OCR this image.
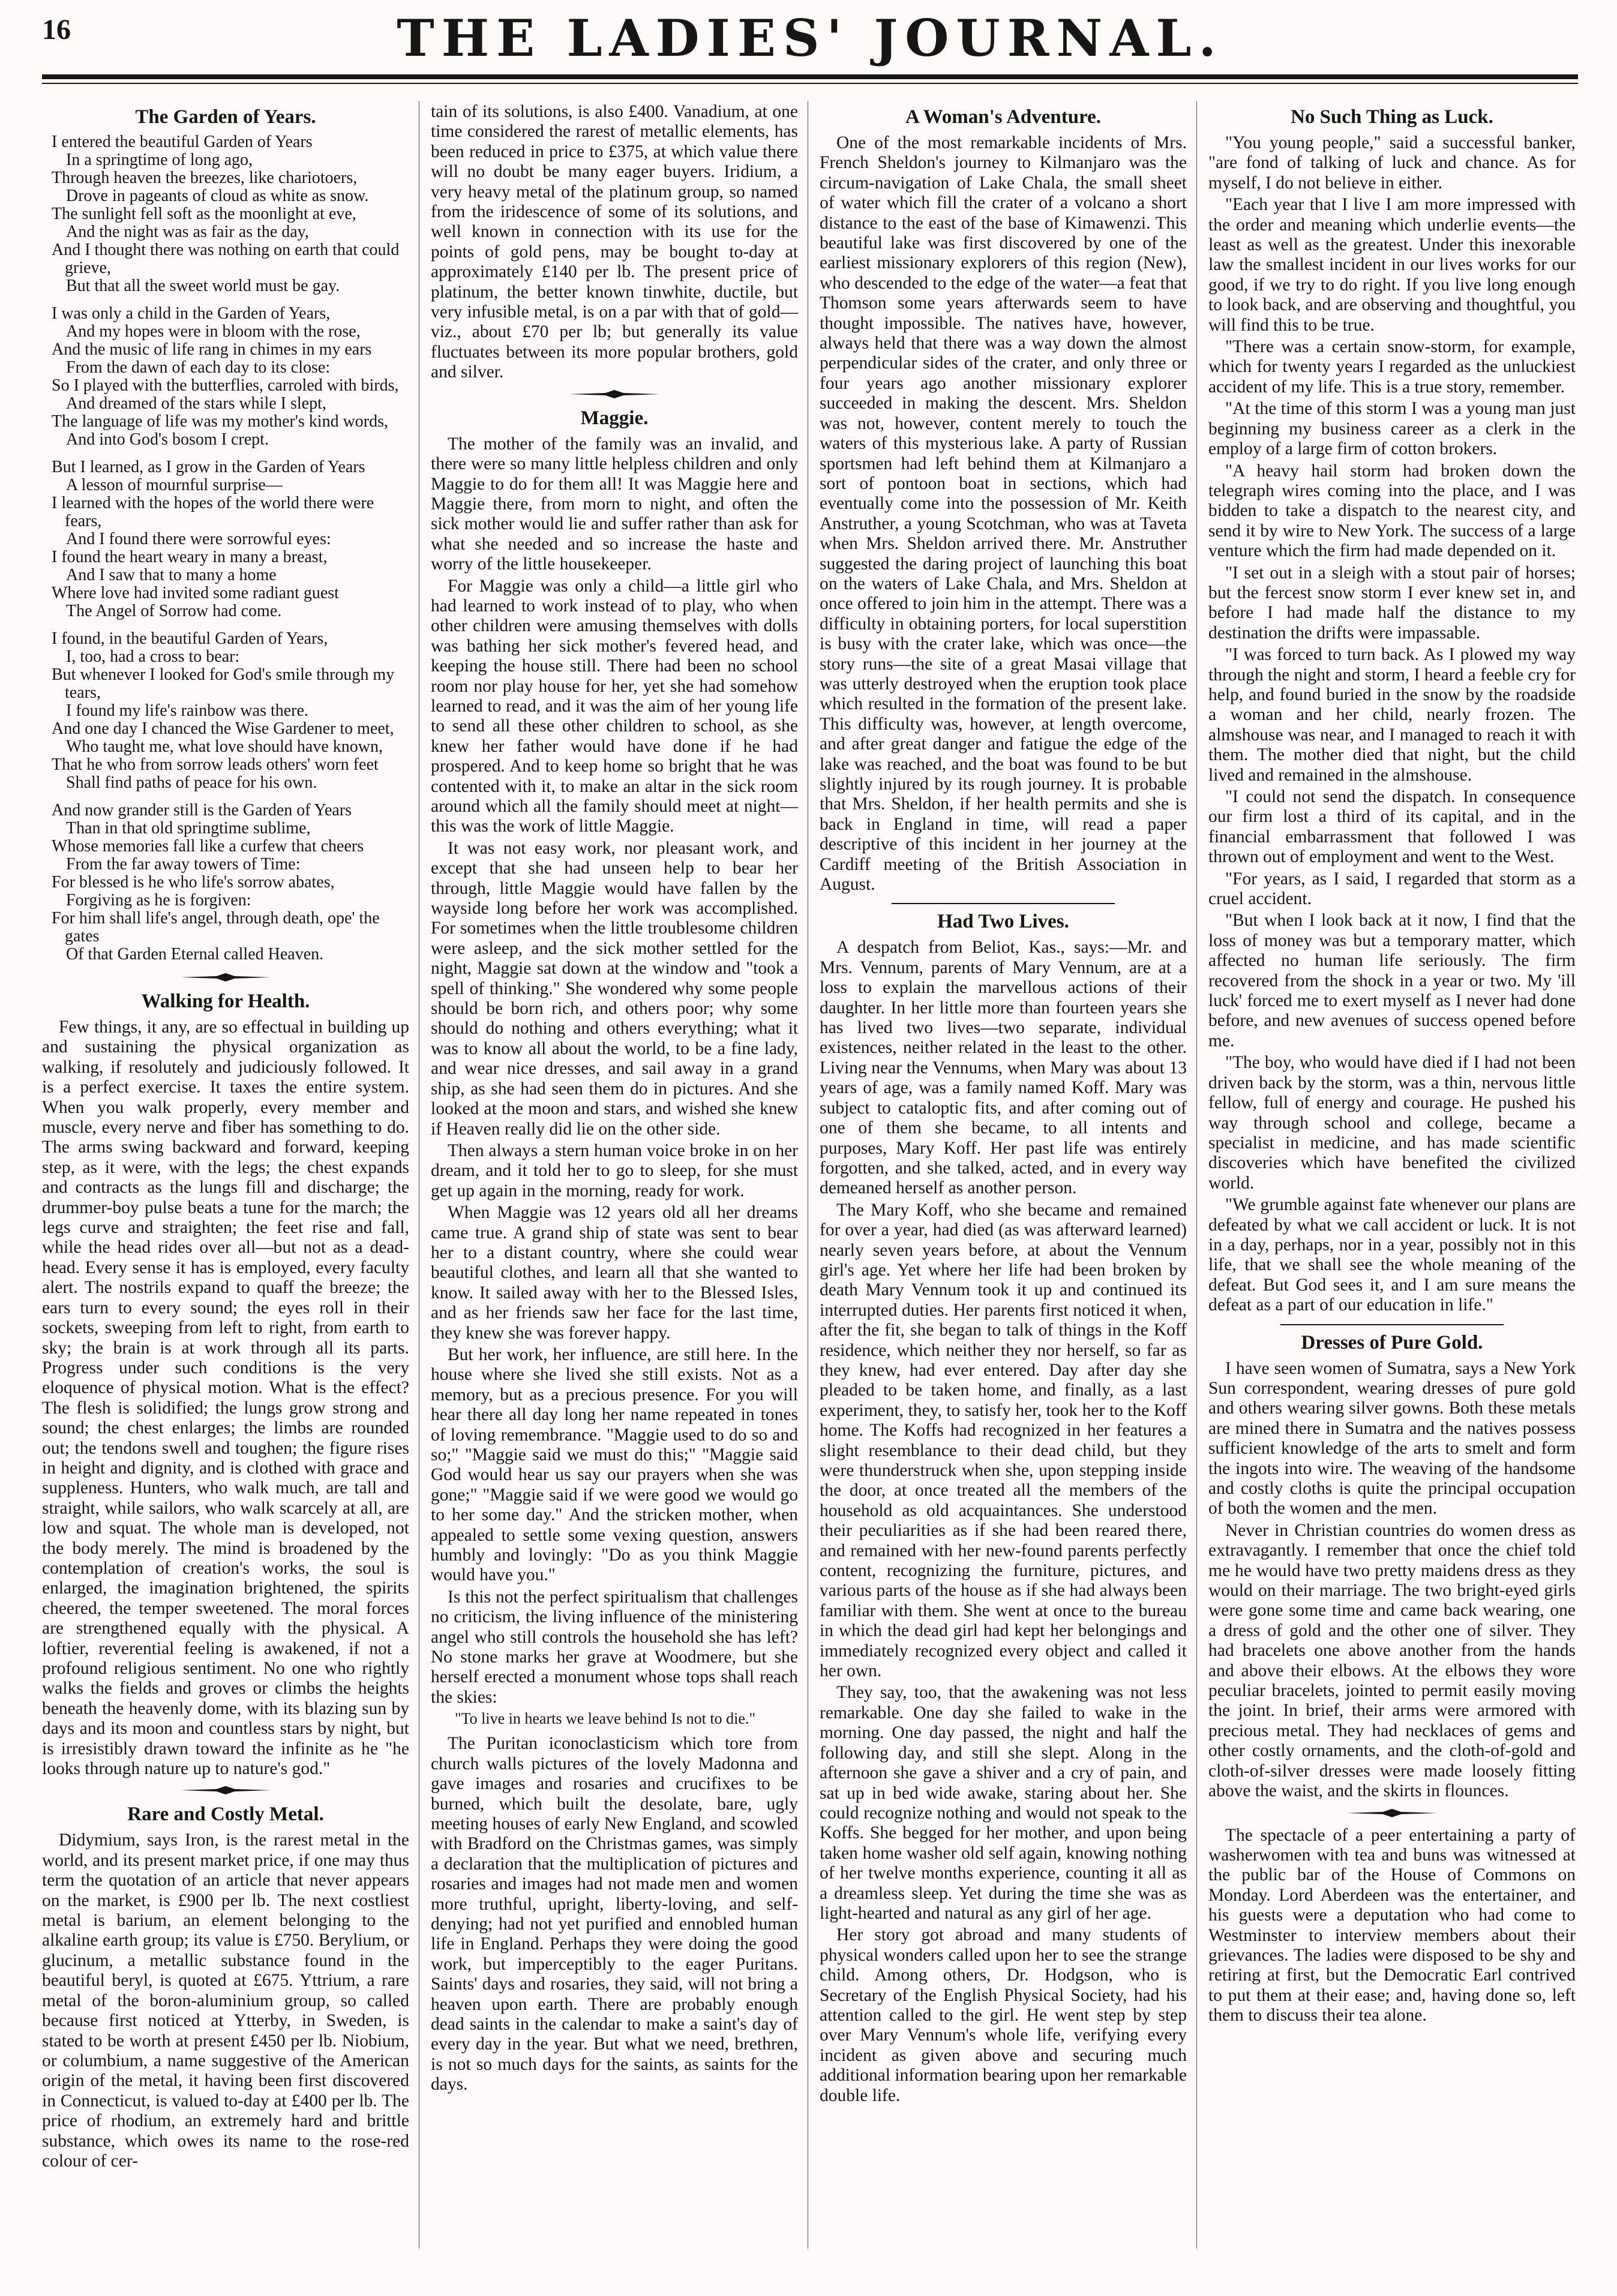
16	THE LADIES' JOURNAL.
The Garden of Years.
I entered the beautiful Garden of Years
In a springtime of long ago,
Through heaven the breezes, like chariotoers,
Drove in pageants of cloud as white as snow.
The sunlight fell soft as the moonlight at eve,
And the night was as fair as the day,
And I thought there was nothing on earth that could grieve,
But that all the sweet world must be gay.
I was only a child in the Garden of Years,
And my hopes were in bloom with the rose,
And the music of life rang in chimes in my ears
From the dawn of each day to its close:
So I played with the butterflies, carroled with birds,
And dreamed of the stars while I slept,
The language of life was my mother's kind words,
And into God's bosom I crept.
But I learned, as I grow in the Garden of Years
A lesson of mournful surprise—
I learned with the hopes of the world there were fears,
And I found there were sorrowful eyes:
I found the heart weary in many a breast,
And I saw that to many a home
Where love had invited some radiant guest
The Angel of Sorrow had come.
I found, in the beautiful Garden of Years,
I, too, had a cross to bear:
But whenever I looked for God's smile through my tears,
I found my life's rainbow was there.
And one day I chanced the Wise Gardener to meet,
Who taught me, what love should have known,
That he who from sorrow leads others' worn feet
Shall find paths of peace for his own.
And now grander still is the Garden of Years
Than in that old springtime sublime,
Whose memories fall like a curfew that cheers
From the far away towers of Time:
For blessed is he who life's sorrow abates,
Forgiving as he is forgiven:
For him shall life's angel, through death, ope' the gates
Of that Garden Eternal called Heaven.
Walking for Health.

Few things, it any, are so effectual in building up and sustaining the physical organization as walking, if resolutely and judiciously followed. It is a perfect exercise. It taxes the entire system. When you walk properly, every member and muscle, every nerve and fiber has something to do. The arms swing backward and forward, keeping step, as it were, with the legs; the chest expands and contracts as the lungs fill and discharge; the drummer-boy pulse beats a tune for the march; the legs curve and straighten; the feet rise and fall, while the head rides over all—but not as a dead-head. Every sense it has is employed, every faculty alert. The nostrils expand to quaff the breeze; the ears turn to every sound; the eyes roll in their sockets, sweeping from left to right, from earth to sky; the brain is at work through all its parts. Progress under such conditions is the very eloquence of physical motion. What is the effect? The flesh is solidified; the lungs grow strong and sound; the chest enlarges; the limbs are rounded out; the tendons swell and toughen; the figure rises in height and dignity, and is clothed with grace and suppleness. Hunters, who walk much, are tall and straight, while sailors, who walk scarcely at all, are low and squat. The whole man is developed, not the body merely. The mind is broadened by the contemplation of creation's works, the soul is enlarged, the imagination brightened, the spirits cheered, the temper sweetened. The moral forces are strengthened equally with the physical. A loftier, reverential feeling is awakened, if not a profound religious sentiment. No one who rightly walks the fields and groves or climbs the heights beneath the heavenly dome, with its blazing sun by days and its moon and countless stars by night, but is irresistibly drawn toward the infinite as he "he looks through nature up to nature's god."

Rare and Costly Metal.

Didymium, says Iron, is the rarest metal in the world, and its present market price, if one may thus term the quotation of an article that never appears on the market, is £900 per lb. The next costliest metal is barium, an element belonging to the alkaline earth group; its value is £750. Berylium, or glucinum, a metallic substance found in the beautiful beryl, is quoted at £675. Yttrium, a rare metal of the boron-aluminium group, so called because first noticed at Ytterby, in Sweden, is stated to be worth at present £450 per lb. Niobium, or columbium, a name suggestive of the American origin of the metal, it having been first discovered in Connecticut, is valued to-day at £400 per lb. The price of rhodium, an extremely hard and brittle substance, which owes its name to the rose-red colour of cer-

tain of its solutions, is also £400. Vanadium, at one time considered the rarest of metallic elements, has been reduced in price to £375, at which value there will no doubt be many eager buyers. Iridium, a very heavy metal of the platinum group, so named from the iridescence of some of its solutions, and well known in connection with its use for the points of gold pens, may be bought to-day at approximately £140 per lb. The present price of platinum, the better known tinwhite, ductile, but very infusible metal, is on a par with that of gold—viz., about £70 per lb; but generally its value fluctuates between its more popular brothers, gold and silver.

Maggie.

The mother of the family was an invalid, and there were so many little helpless children and only Maggie to do for them all! It was Maggie here and Maggie there, from morn to night, and often the sick mother would lie and suffer rather than ask for what she needed and so increase the haste and worry of the little housekeeper.

For Maggie was only a child—a little girl who had learned to work instead of to play, who when other children were amusing themselves with dolls was bathing her sick mother's fevered head, and keeping the house still. There had been no school room nor play house for her, yet she had somehow learned to read, and it was the aim of her young life to send all these other children to school, as she knew her father would have done if he had prospered. And to keep home so bright that he was contented with it, to make an altar in the sick room around which all the family should meet at night—this was the work of little Maggie.

It was not easy work, nor pleasant work, and except that she had unseen help to bear her through, little Maggie would have fallen by the wayside long before her work was accomplished. For sometimes when the little troublesome children were asleep, and the sick mother settled for the night, Maggie sat down at the window and "took a spell of thinking." She wondered why some people should be born rich, and others poor; why some should do nothing and others everything; what it was to know all about the world, to be a fine lady, and wear nice dresses, and sail away in a grand ship, as she had seen them do in pictures. And she looked at the moon and stars, and wished she knew if Heaven really did lie on the other side.

Then always a stern human voice broke in on her dream, and it told her to go to sleep, for she must get up again in the morning, ready for work.

When Maggie was 12 years old all her dreams came true. A grand ship of state was sent to bear her to a distant country, where she could wear beautiful clothes, and learn all that she wanted to know. It sailed away with her to the Blessed Isles, and as her friends saw her face for the last time, they knew she was forever happy.

But her work, her influence, are still here. In the house where she lived she still exists. Not as a memory, but as a precious presence. For you will hear there all day long her name repeated in tones of loving remembrance. "Maggie used to do so and so;" "Maggie said we must do this;" "Maggie said God would hear us say our prayers when she was gone;" "Maggie said if we were good we would go to her some day." And the stricken mother, when appealed to settle some vexing question, answers humbly and lovingly: "Do as you think Maggie would have you."

Is this not the perfect spiritualism that challenges no criticism, the living influence of the ministering angel who still controls the household she has left? No stone marks her grave at Woodmere, but she herself erected a monument whose tops shall reach the skies:

"To live in hearts we leave behind Is not to die."

The Puritan iconoclasticism which tore from church walls pictures of the lovely Madonna and gave images and rosaries and crucifixes to be burned, which built the desolate, bare, ugly meeting houses of early New England, and scowled with Bradford on the Christmas games, was simply a declaration that the multiplication of pictures and rosaries and images had not made men and women more truthful, upright, liberty-loving, and self-denying; had not yet purified and ennobled human life in England. Perhaps they were doing the good work, but imperceptibly to the eager Puritans. Saints' days and rosaries, they said, will not bring a heaven upon earth. There are probably enough dead saints in the calendar to make a saint's day of every day in the year. But what we need, brethren, is not so much days for the saints, as saints for the days.

A Woman's Adventure.

One of the most remarkable incidents of Mrs. French Sheldon's journey to Kilmanjaro was the circum-navigation of Lake Chala, the small sheet of water which fill the crater of a volcano a short distance to the east of the base of Kimawenzi. This beautiful lake was first discovered by one of the earliest missionary explorers of this region (New), who descended to the edge of the water—a feat that Thomson some years afterwards seem to have thought impossible. The natives have, however, always held that there was a way down the almost perpendicular sides of the crater, and only three or four years ago another missionary explorer succeeded in making the descent. Mrs. Sheldon was not, however, content merely to touch the waters of this mysterious lake. A party of Russian sportsmen had left behind them at Kilmanjaro a sort of pontoon boat in sections, which had eventually come into the possession of Mr. Keith Anstruther, a young Scotchman, who was at Taveta when Mrs. Sheldon arrived there. Mr. Anstruther suggested the daring project of launching this boat on the waters of Lake Chala, and Mrs. Sheldon at once offered to join him in the attempt. There was a difficulty in obtaining porters, for local superstition is busy with the crater lake, which was once—the story runs—the site of a great Masai village that was utterly destroyed when the eruption took place which resulted in the formation of the present lake. This difficulty was, however, at length overcome, and after great danger and fatigue the edge of the lake was reached, and the boat was found to be but slightly injured by its rough journey. It is probable that Mrs. Sheldon, if her health permits and she is back in England in time, will read a paper descriptive of this incident in her journey at the Cardiff meeting of the British Association in August.

Had Two Lives.

A despatch from Beliot, Kas., says:—Mr. and Mrs. Vennum, parents of Mary Vennum, are at a loss to explain the marvellous actions of their daughter. In her little more than fourteen years she has lived two lives—two separate, individual existences, neither related in the least to the other. Living near the Vennums, when Mary was about 13 years of age, was a family named Koff. Mary was subject to cataloptic fits, and after coming out of one of them she became, to all intents and purposes, Mary Koff. Her past life was entirely forgotten, and she talked, acted, and in every way demeaned herself as another person.

The Mary Koff, who she became and remained for over a year, had died (as was afterward learned) nearly seven years before, at about the Vennum girl's age. Yet where her life had been broken by death Mary Vennum took it up and continued its interrupted duties. Her parents first noticed it when, after the fit, she began to talk of things in the Koff residence, which neither they nor herself, so far as they knew, had ever entered. Day after day she pleaded to be taken home, and finally, as a last experiment, they, to satisfy her, took her to the Koff home. The Koffs had recognized in her features a slight resemblance to their dead child, but they were thunderstruck when she, upon stepping inside the door, at once treated all the members of the household as old acquaintances. She understood their peculiarities as if she had been reared there, and remained with her new-found parents perfectly content, recognizing the furniture, pictures, and various parts of the house as if she had always been familiar with them. She went at once to the bureau in which the dead girl had kept her belongings and immediately recognized every object and called it her own.

They say, too, that the awakening was not less remarkable. One day she failed to wake in the morning. One day passed, the night and half the following day, and still she slept. Along in the afternoon she gave a shiver and a cry of pain, and sat up in bed wide awake, staring about her. She could recognize nothing and would not speak to the Koffs. She begged for her mother, and upon being taken home washer old self again, knowing nothing of her twelve months experience, counting it all as a dreamless sleep. Yet during the time she was as light-hearted and natural as any girl of her age.

Her story got abroad and many students of physical wonders called upon her to see the strange child. Among others, Dr. Hodgson, who is Secretary of the English Physical Society, had his attention called to the girl. He went step by step over Mary Vennum's whole life, verifying every incident as given above and securing much additional information bearing upon her remarkable double life.

No Such Thing as Luck.

"You young people," said a successful banker, "are fond of talking of luck and chance. As for myself, I do not believe in either.

"Each year that I live I am more impressed with the order and meaning which underlie events—the least as well as the greatest. Under this inexorable law the smallest incident in our lives works for our good, if we try to do right. If you live long enough to look back, and are observing and thoughtful, you will find this to be true.

"There was a certain snow-storm, for example, which for twenty years I regarded as the unluckiest accident of my life. This is a true story, remember.

"At the time of this storm I was a young man just beginning my business career as a clerk in the employ of a large firm of cotton brokers.

"A heavy hail storm had broken down the telegraph wires coming into the place, and I was bidden to take a dispatch to the nearest city, and send it by wire to New York. The success of a large venture which the firm had made depended on it.

"I set out in a sleigh with a stout pair of horses; but the fercest snow storm I ever knew set in, and before I had made half the distance to my destination the drifts were impassable.

"I was forced to turn back. As I plowed my way through the night and storm, I heard a feeble cry for help, and found buried in the snow by the roadside a woman and her child, nearly frozen. The almshouse was near, and I managed to reach it with them. The mother died that night, but the child lived and remained in the almshouse.

"I could not send the dispatch. In consequence our firm lost a third of its capital, and in the financial embarrassment that followed I was thrown out of employment and went to the West.

"For years, as I said, I regarded that storm as a cruel accident.

"But when I look back at it now, I find that the loss of money was but a temporary matter, which affected no human life seriously. The firm recovered from the shock in a year or two. My 'ill luck' forced me to exert myself as I never had done before, and new avenues of success opened before me.

"The boy, who would have died if I had not been driven back by the storm, was a thin, nervous little fellow, full of energy and courage. He pushed his way through school and college, became a specialist in medicine, and has made scientific discoveries which have benefited the civilized world.

"We grumble against fate whenever our plans are defeated by what we call accident or luck. It is not in a day, perhaps, nor in a year, possibly not in this life, that we shall see the whole meaning of the defeat. But God sees it, and I am sure means the defeat as a part of our education in life."

Dresses of Pure Gold.

I have seen women of Sumatra, says a New York Sun correspondent, wearing dresses of pure gold and others wearing silver gowns. Both these metals are mined there in Sumatra and the natives possess sufficient knowledge of the arts to smelt and form the ingots into wire. The weaving of the handsome and costly cloths is quite the principal occupation of both the women and the men.

Never in Christian countries do women dress as extravagantly. I remember that once the chief told me he would have two pretty maidens dress as they would on their marriage. The two bright-eyed girls were gone some time and came back wearing, one a dress of gold and the other one of silver. They had bracelets one above another from the hands and above their elbows. At the elbows they wore peculiar bracelets, jointed to permit easily moving the joint. In brief, their arms were armored with precious metal. They had necklaces of gems and other costly ornaments, and the cloth-of-gold and cloth-of-silver dresses were made loosely fitting above the waist, and the skirts in flounces.

The spectacle of a peer entertaining a party of washerwomen with tea and buns was witnessed at the public bar of the House of Commons on Monday. Lord Aberdeen was the entertainer, and his guests were a deputation who had come to Westminster to interview members about their grievances. The ladies were disposed to be shy and retiring at first, but the Democratic Earl contrived to put them at their ease; and, having done so, left them to discuss their tea alone.
